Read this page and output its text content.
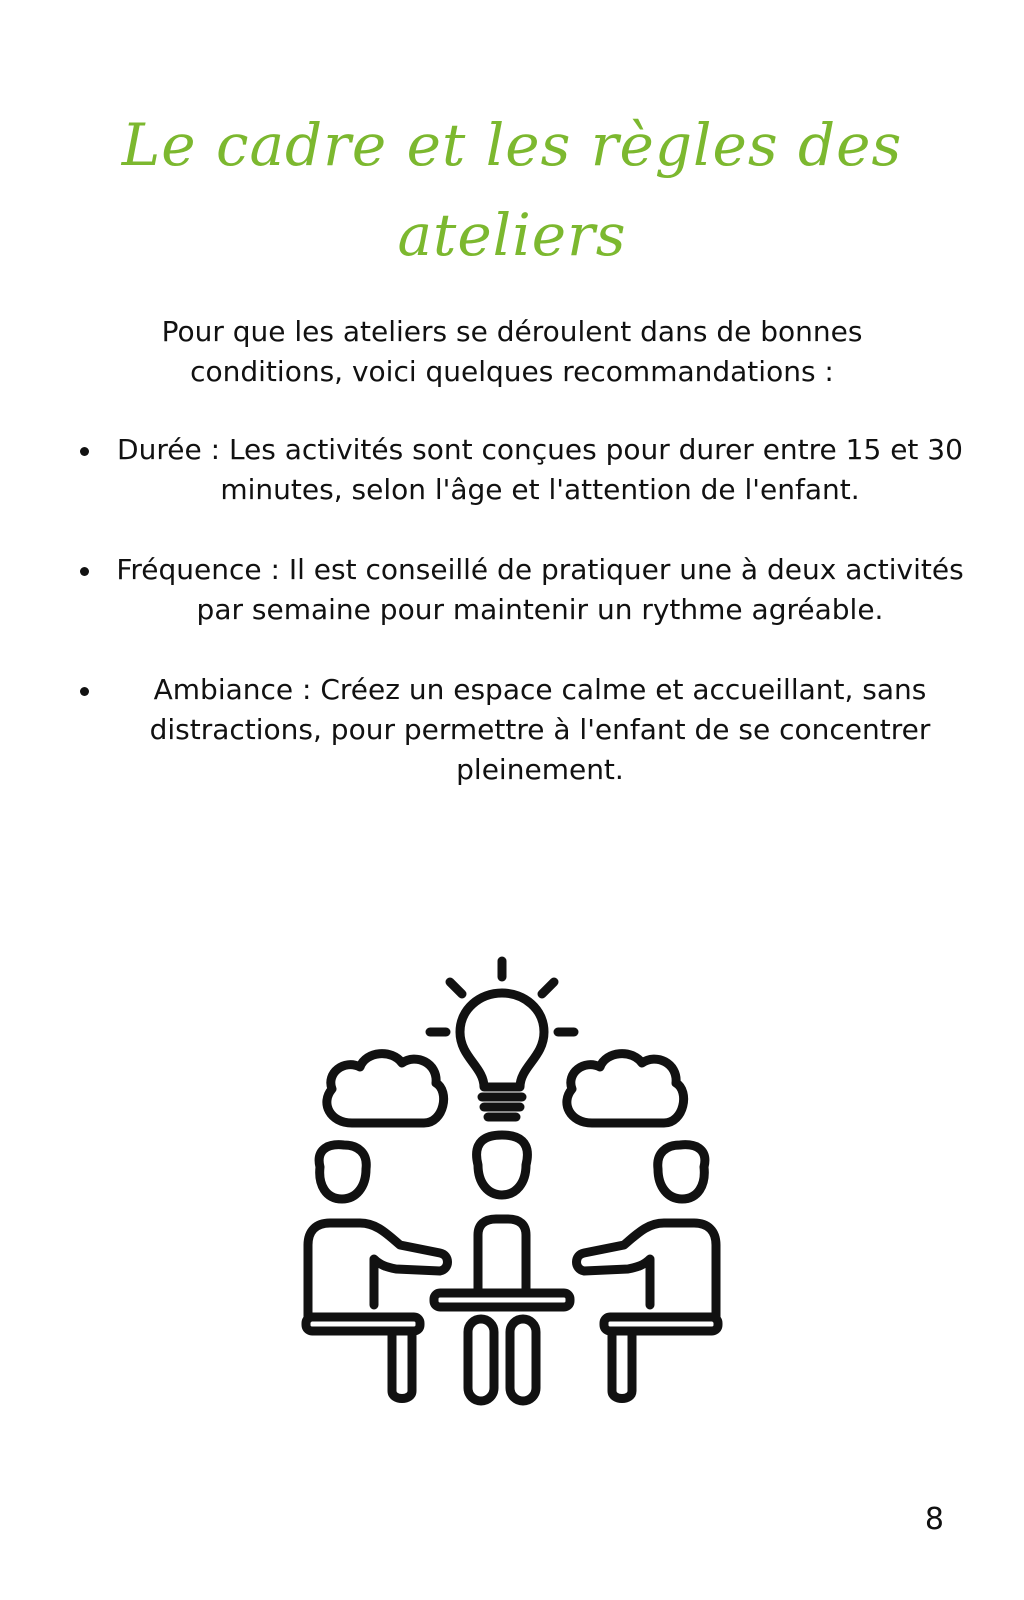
Le cadre et les règles des ateliers

Pour que les ateliers se déroulent dans de bonnes conditions, voici quelques recommandations :

Durée : Les activités sont conçues pour durer entre 15 et 30 minutes, selon l'âge et l'attention de l'enfant.
Fréquence : Il est conseillé de pratiquer une à deux activités par semaine pour maintenir un rythme agréable.
Ambiance : Créez un espace calme et accueillant, sans distractions, pour permettre à l'enfant de se concentrer pleinement.
8
